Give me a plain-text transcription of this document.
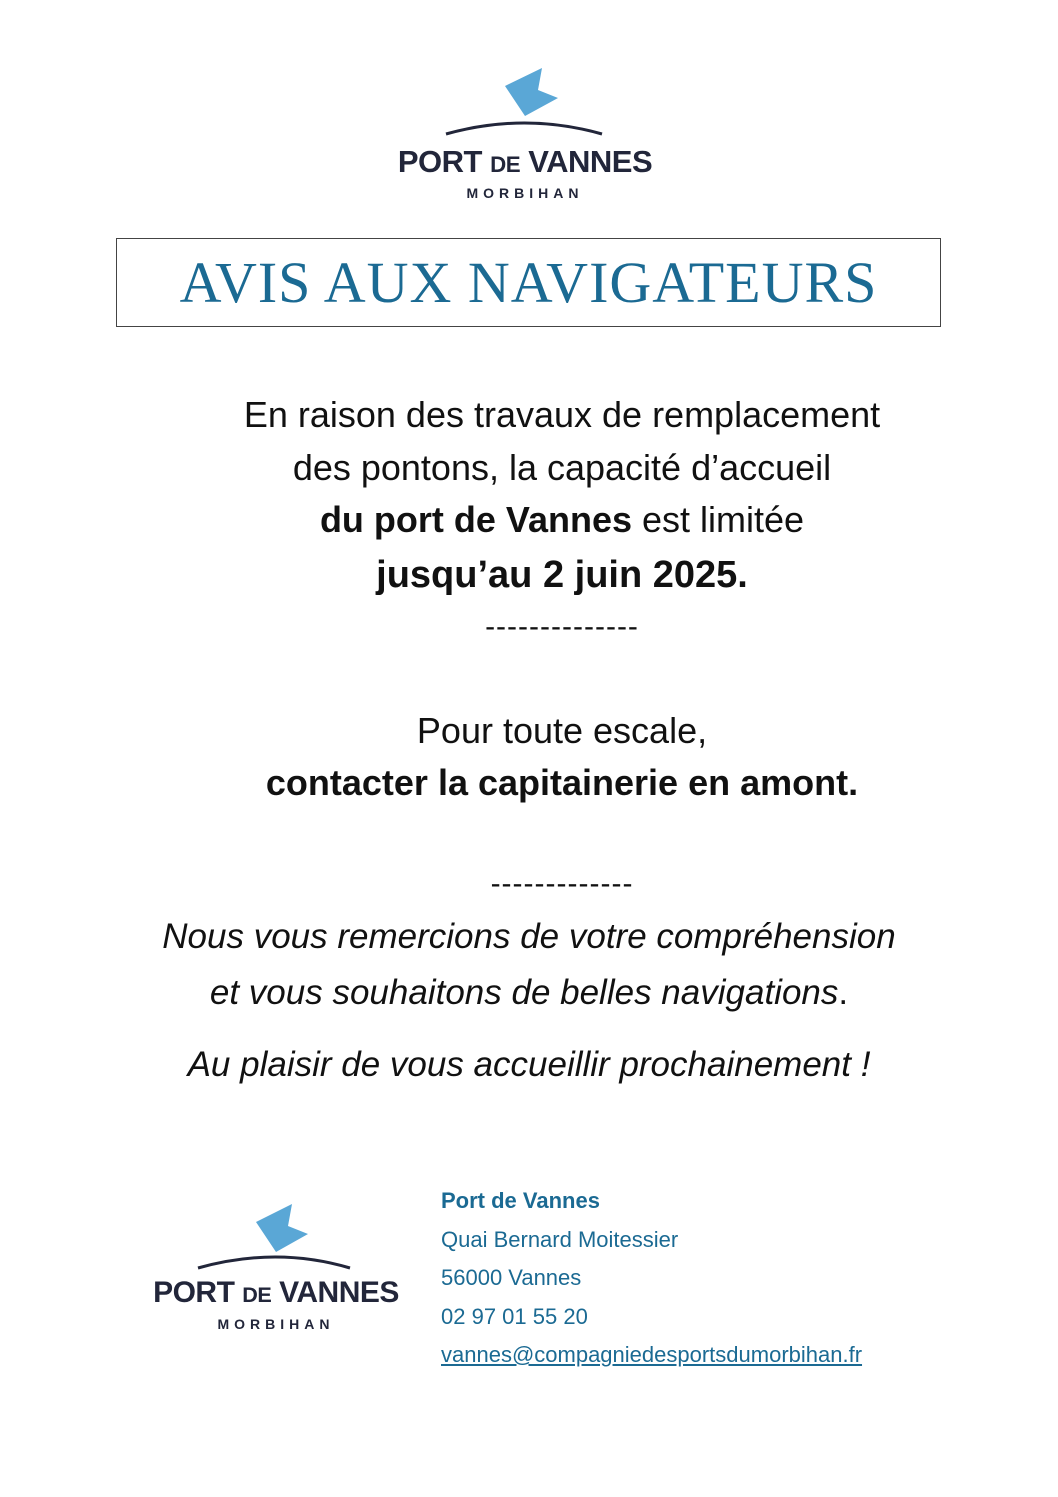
PORT DE VANNES
MORBIHAN
AVIS AUX NAVIGATEURS
En raison des travaux de remplacement
des pontons, la capacité d’accueil
du port de Vannes est limitée
jusqu’au 2 juin 2025.
--------------
Pour toute escale,
contacter la capitainerie en amont.
-------------
Nous vous remercions de votre compréhension
et vous souhaitons de belles navigations.
Au plaisir de vous accueillir prochainement !
PORT DE VANNES
MORBIHAN
Port de Vannes
Quai Bernard Moitessier
56000 Vannes
02 97 01 55 20
vannes@compagniedesportsdumorbihan.fr
